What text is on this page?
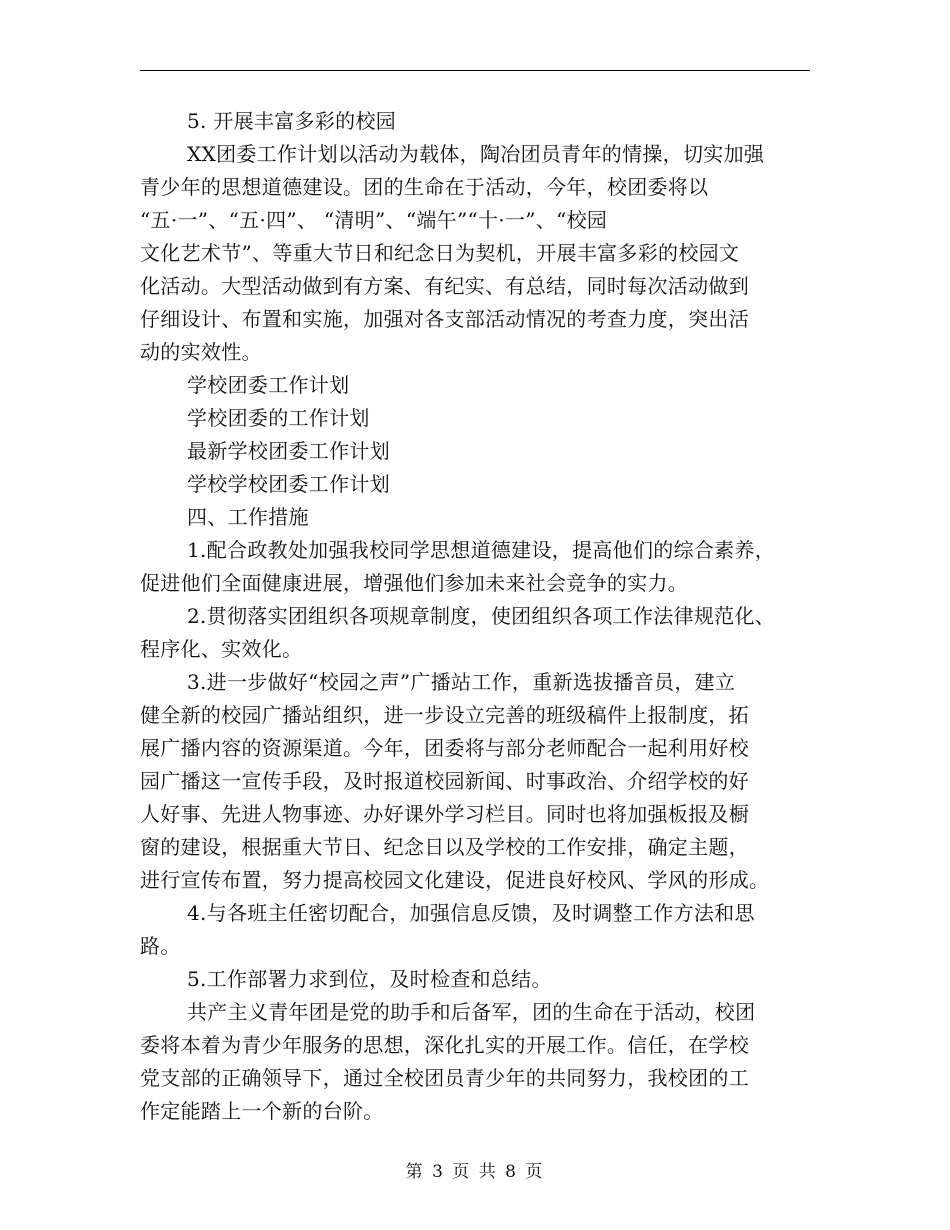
5. 开展丰富多彩的校园
XX团委工作计划以活动为载体，陶冶团员青年的情操，切实加强
青少年的思想道德建设。团的生命在于活动，今年，校团委将以
“五·一”、“五·四”、 “清明”、“端午”“十·一”、“校园
文化艺术节”、等重大节日和纪念日为契机，开展丰富多彩的校园文
化活动。大型活动做到有方案、有纪实、有总结，同时每次活动做到
仔细设计、布置和实施，加强对各支部活动情况的考查力度，突出活
动的实效性。
学校团委工作计划
学校团委的工作计划
最新学校团委工作计划
学校学校团委工作计划
四、工作措施
1.配合政教处加强我校同学思想道德建设，提高他们的综合素养，
促进他们全面健康进展，增强他们参加未来社会竞争的实力。
2.贯彻落实团组织各项规章制度，使团组织各项工作法律规范化、
程序化、实效化。
3.进一步做好“校园之声”广播站工作，重新选拔播音员，建立
健全新的校园广播站组织，进一步设立完善的班级稿件上报制度，拓
展广播内容的资源渠道。今年，团委将与部分老师配合一起利用好校
园广播这一宣传手段，及时报道校园新闻、时事政治、介绍学校的好
人好事、先进人物事迹、办好课外学习栏目。同时也将加强板报及橱
窗的建设，根据重大节日、纪念日以及学校的工作安排，确定主题，
进行宣传布置，努力提高校园文化建设，促进良好校风、学风的形成。
4.与各班主任密切配合，加强信息反馈，及时调整工作方法和思
路。
5.工作部署力求到位，及时检查和总结。
共产主义青年团是党的助手和后备军，团的生命在于活动，校团
委将本着为青少年服务的思想，深化扎实的开展工作。信任，在学校
党支部的正确领导下，通过全校团员青少年的共同努力，我校团的工
作定能踏上一个新的台阶。
第 3 页 共 8 页
